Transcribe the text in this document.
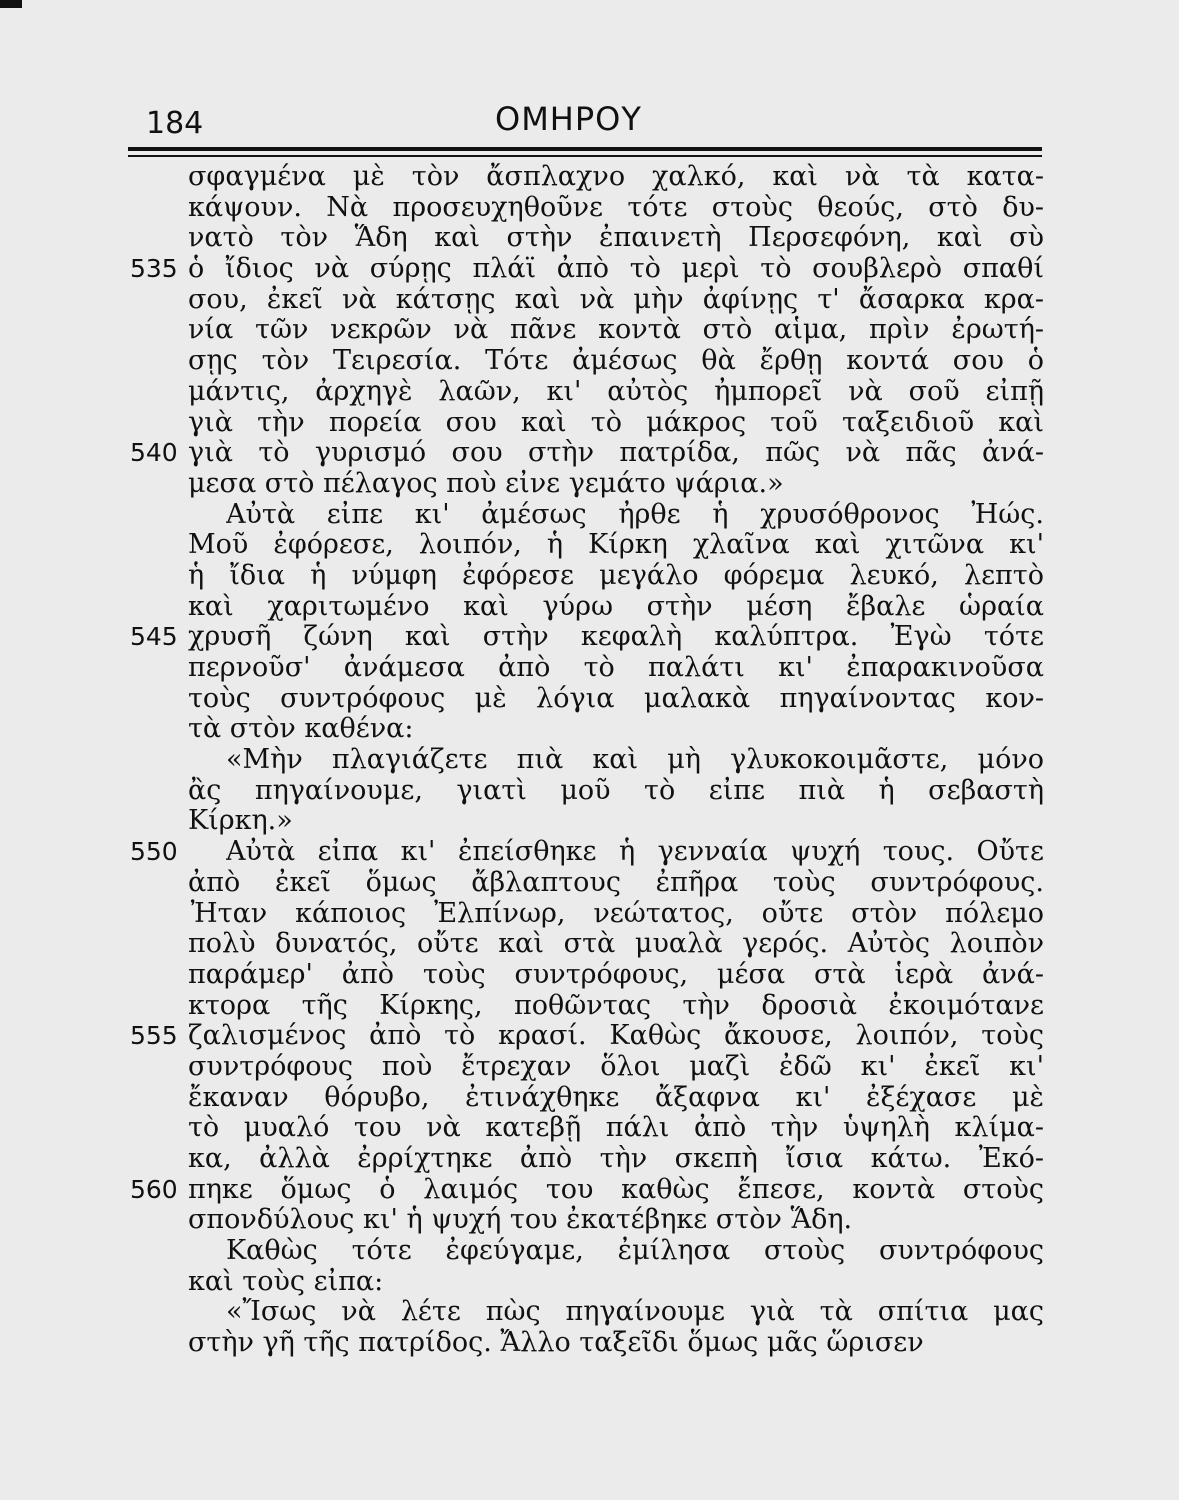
184	ΟΜΗΡΟΥ
σφαγμένα μὲ τὸν ἄσπλαχνο χαλκό, καὶ νὰ τὰ κατα-
κάψουν. Νὰ προσευχηθοῦνε τότε στοὺς θεούς, στὸ δυ-
νατὸ τὸν Ἅδη καὶ στὴν ἐπαινετὴ Περσεφόνη, καὶ σὺ
535 ὁ ἴδιος νὰ σύρῃς πλάϊ ἀπὸ τὸ μερὶ τὸ σουβλερὸ σπαθί
σου, ἐκεῖ νὰ κάτσῃς καὶ νὰ μὴν ἀφίνῃς τ' ἄσαρκα κρα-
νία τῶν νεκρῶν νὰ πᾶνε κοντὰ στὸ αἷμα, πρὶν ἐρωτή-
σῃς τὸν Τειρεσία. Τότε ἀμέσως θὰ ἔρθῃ κοντά σου ὁ
μάντις, ἀρχηγὲ λαῶν, κι' αὐτὸς ἠμπορεῖ νὰ σοῦ εἰπῇ
γιὰ τὴν πορεία σου καὶ τὸ μάκρος τοῦ ταξειδιοῦ καὶ
540 γιὰ τὸ γυρισμό σου στὴν πατρίδα, πῶς νὰ πᾶς ἀνά-
μεσα στὸ πέλαγος ποὺ εἶνε γεμάτο ψάρια.»
Αὐτὰ εἶπε κι' ἀμέσως ἦρθε ἡ χρυσόθρονος Ἠώς.
Μοῦ ἐφόρεσε, λοιπόν, ἡ Κίρκη χλαῖνα καὶ χιτῶνα κι'
ἡ ἴδια ἡ νύμφη ἐφόρεσε μεγάλο φόρεμα λευκό, λεπτὸ
καὶ χαριτωμένο καὶ γύρω στὴν μέση ἔβαλε ὡραία
545 χρυσῆ ζώνη καὶ στὴν κεφαλὴ καλύπτρα. Ἐγὼ τότε
περνοῦσ' ἀνάμεσα ἀπὸ τὸ παλάτι κι' ἐπαρακινοῦσα
τοὺς συντρόφους μὲ λόγια μαλακὰ πηγαίνοντας κον-
τὰ στὸν καθένα:
«Μὴν πλαγιάζετε πιὰ καὶ μὴ γλυκοκοιμᾶστε, μόνο
ἂς πηγαίνουμε, γιατὶ μοῦ τὸ εἶπε πιὰ ἡ σεβαστὴ
Κίρκη.»
550 Αὐτὰ εἶπα κι' ἐπείσθηκε ἡ γενναία ψυχή τους. Οὔτε
ἀπὸ ἐκεῖ ὅμως ἄβλαπτους ἐπῆρα τοὺς συντρόφους.
Ἦταν κάποιος Ἐλπίνωρ, νεώτατος, οὔτε στὸν πόλεμο
πολὺ δυνατός, οὔτε καὶ στὰ μυαλὰ γερός. Αὐτὸς λοιπὸν
παράμερ' ἀπὸ τοὺς συντρόφους, μέσα στὰ ἱερὰ ἀνά-
κτορα τῆς Κίρκης, ποθῶντας τὴν δροσιὰ ἐκοιμότανε
555 ζαλισμένος ἀπὸ τὸ κρασί. Καθὼς ἄκουσε, λοιπόν, τοὺς
συντρόφους ποὺ ἔτρεχαν ὅλοι μαζὶ ἐδῶ κι' ἐκεῖ κι'
ἔκαναν θόρυβο, ἐτινάχθηκε ἄξαφνα κι' ἐξέχασε μὲ
τὸ μυαλό του νὰ κατεβῇ πάλι ἀπὸ τὴν ὑψηλὴ κλίμα-
κα, ἀλλὰ ἐρρίχτηκε ἀπὸ τὴν σκεπὴ ἴσια κάτω. Ἐκό-
560 πηκε ὅμως ὁ λαιμός του καθὼς ἔπεσε, κοντὰ στοὺς
σπονδύλους κι' ἡ ψυχή του ἐκατέβηκε στὸν Ἅδη.
Καθὼς τότε ἐφεύγαμε, ἐμίλησα στοὺς συντρόφους
καὶ τοὺς εἶπα:
«Ἴσως νὰ λέτε πὼς πηγαίνουμε γιὰ τὰ σπίτια μας
στὴν γῆ τῆς πατρίδος. Ἄλλο ταξεῖδι ὅμως μᾶς ὥρισεν
